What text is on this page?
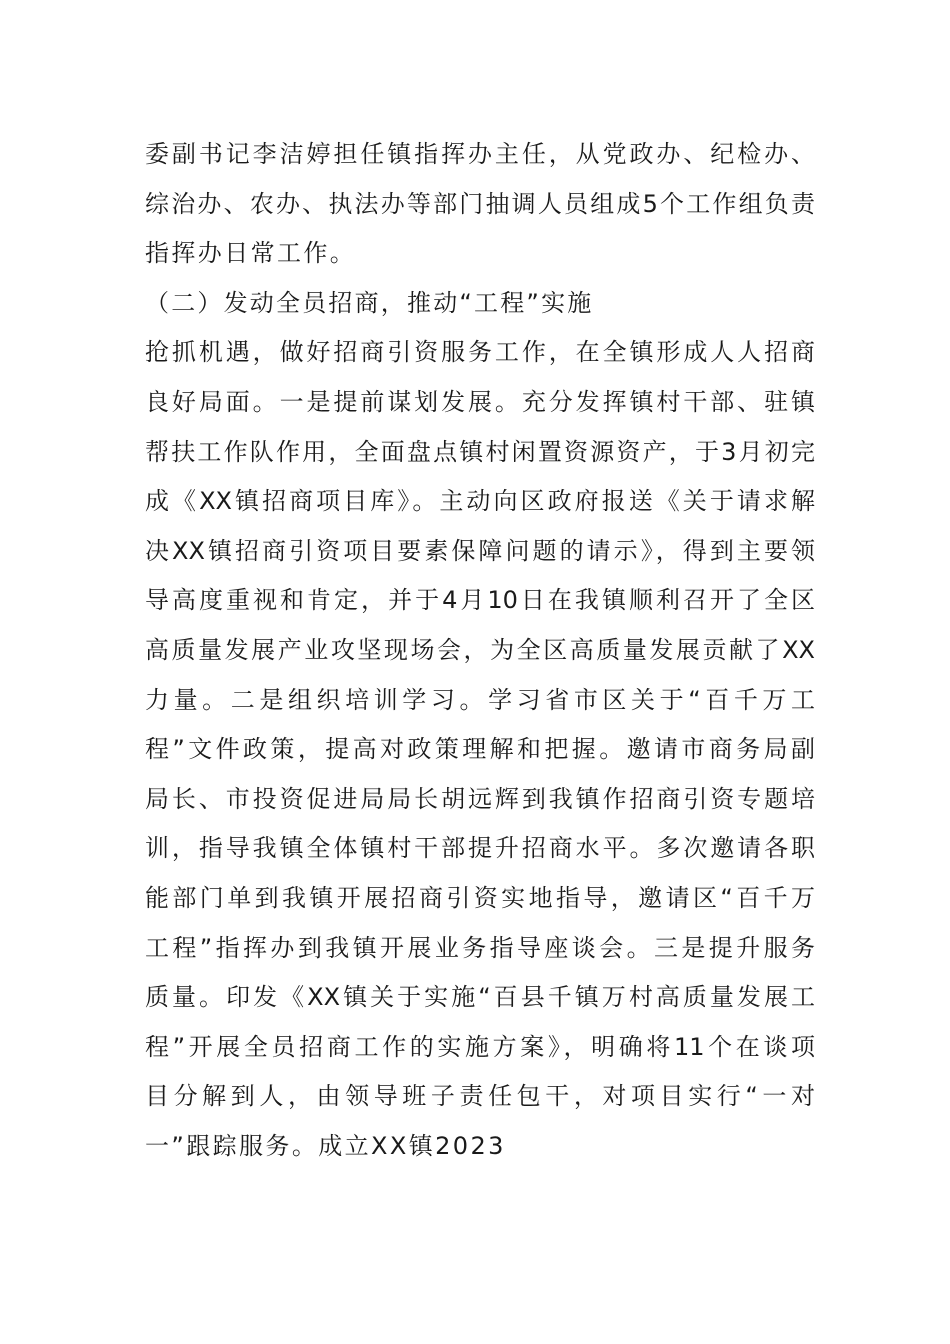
委副书记李洁婷担任镇指挥办主任，从党政办、纪检办、
综治办、农办、执法办等部门抽调人员组成5个工作组负责
指挥办日常工作。
（二）发动全员招商，推动“工程”实施
抢抓机遇，做好招商引资服务工作，在全镇形成人人招商
良好局面。一是提前谋划发展。充分发挥镇村干部、驻镇
帮扶工作队作用，全面盘点镇村闲置资源资产，于3月初完
成《XX镇招商项目库》。主动向区政府报送《关于请求解
决XX镇招商引资项目要素保障问题的请示》，得到主要领
导高度重视和肯定，并于4月10日在我镇顺利召开了全区
高质量发展产业攻坚现场会，为全区高质量发展贡献了XX
力量。二是组织培训学习。学习省市区关于“百千万工
程”文件政策，提高对政策理解和把握。邀请市商务局副
局长、市投资促进局局长胡远辉到我镇作招商引资专题培
训，指导我镇全体镇村干部提升招商水平。多次邀请各职
能部门单到我镇开展招商引资实地指导，邀请区“百千万
工程”指挥办到我镇开展业务指导座谈会。三是提升服务
质量。印发《XX镇关于实施“百县千镇万村高质量发展工
程”开展全员招商工作的实施方案》，明确将11个在谈项
目分解到人，由领导班子责任包干，对项目实行“一对
一”跟踪服务。成立XX镇2023
